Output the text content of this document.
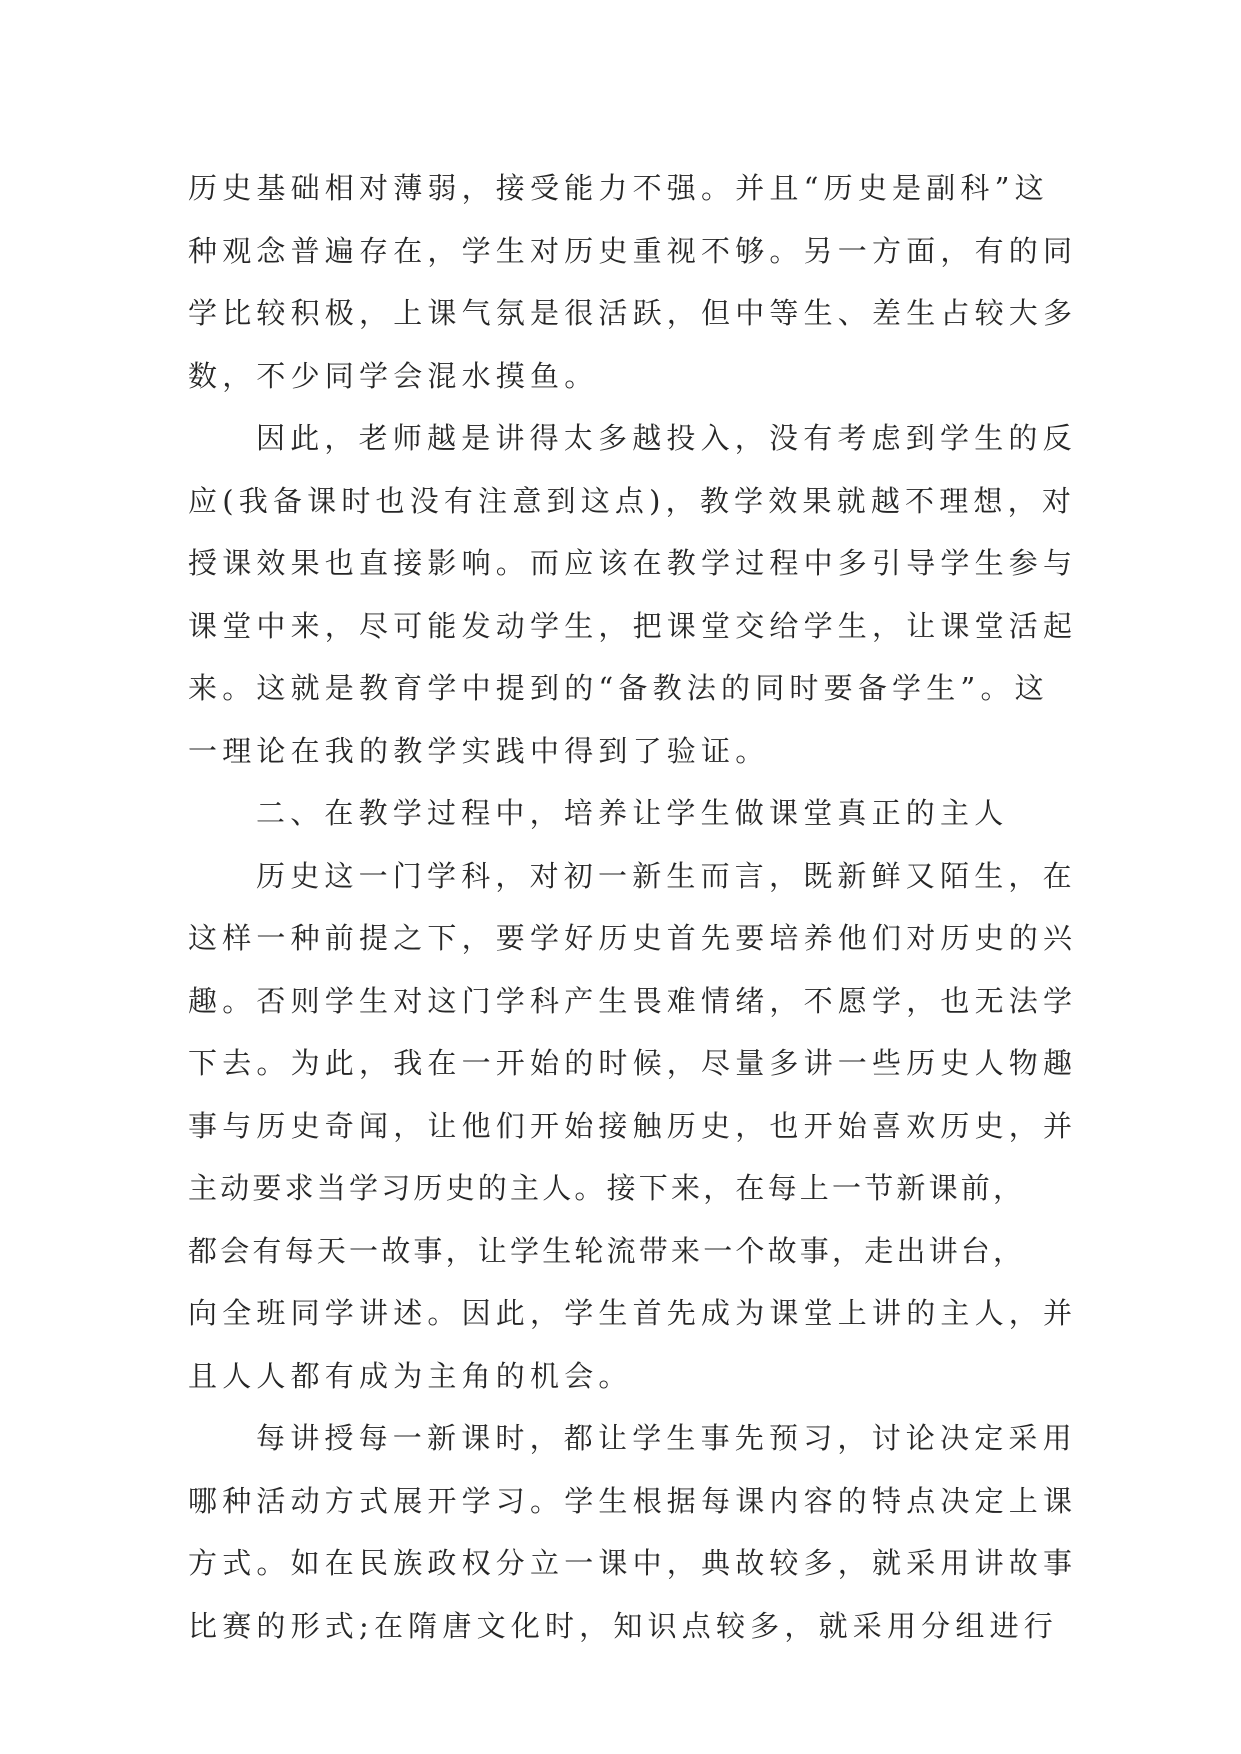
历史基础相对薄弱，接受能力不强。并且“历史是副科”这
种观念普遍存在，学生对历史重视不够。另一方面，有的同
学比较积极，上课气氛是很活跃，但中等生、差生占较大多
数，不少同学会混水摸鱼。
因此，老师越是讲得太多越投入，没有考虑到学生的反
应(我备课时也没有注意到这点)，教学效果就越不理想，对
授课效果也直接影响。而应该在教学过程中多引导学生参与
课堂中来，尽可能发动学生，把课堂交给学生，让课堂活起
来。这就是教育学中提到的“备教法的同时要备学生”。这
一理论在我的教学实践中得到了验证。
二、在教学过程中，培养让学生做课堂真正的主人
历史这一门学科，对初一新生而言，既新鲜又陌生，在
这样一种前提之下，要学好历史首先要培养他们对历史的兴
趣。否则学生对这门学科产生畏难情绪，不愿学，也无法学
下去。为此，我在一开始的时候，尽量多讲一些历史人物趣
事与历史奇闻，让他们开始接触历史，也开始喜欢历史，并
主动要求当学习历史的主人。接下来，在每上一节新课前，
都会有每天一故事，让学生轮流带来一个故事，走出讲台，
向全班同学讲述。因此，学生首先成为课堂上讲的主人，并
且人人都有成为主角的机会。
每讲授每一新课时，都让学生事先预习，讨论决定采用
哪种活动方式展开学习。学生根据每课内容的特点决定上课
方式。如在民族政权分立一课中，典故较多，就采用讲故事
比赛的形式;在隋唐文化时，知识点较多，就采用分组进行
